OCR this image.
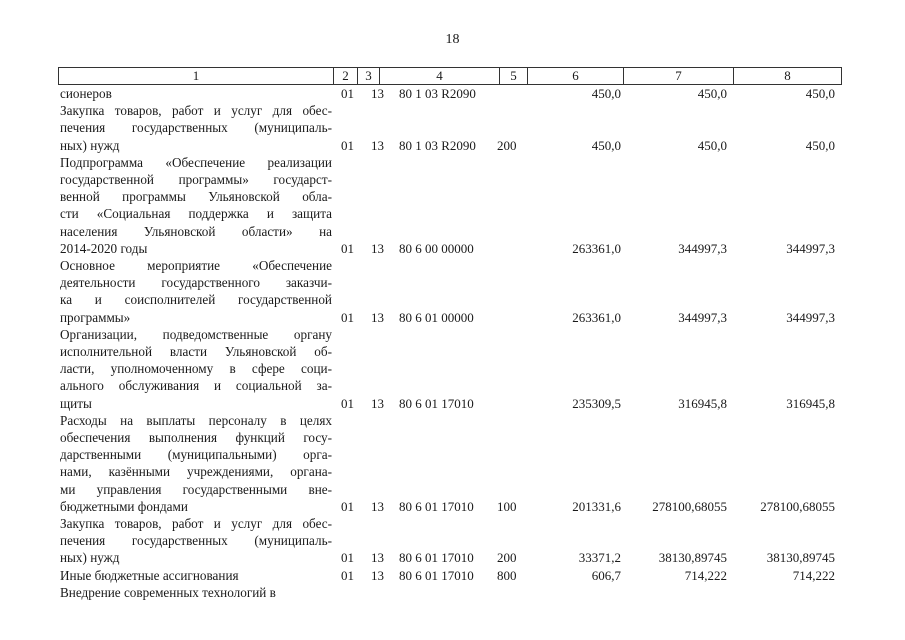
18
1	2	3	4	5	6	7	8
сионеров	01 13 80 1 03 R2090	450,0	450,0	450,0
Закупка товаров, работ и услуг для обес-
печения государственных (муниципаль-
ных) нужд	01 13 80 1 03 R2090 200	450,0	450,0	450,0
Подпрограмма «Обеспечение реализации
государственной программы» государст-
венной программы Ульяновской обла-
сти «Социальная поддержка и защита
населения Ульяновской области» на
2014-2020 годы	01 13 80 6 00 00000	263361,0	344997,3	344997,3
Основное мероприятие «Обеспечение
деятельности государственного заказчи-
ка и соисполнителей государственной
программы»	01 13 80 6 01 00000	263361,0	344997,3	344997,3
Организации, подведомственные органу
исполнительной власти Ульяновской об-
ласти, уполномоченному в сфере соци-
ального обслуживания и социальной за-
щиты	01 13 80 6 01 17010	235309,5	316945,8	316945,8
Расходы на выплаты персоналу в целях
обеспечения выполнения функций госу-
дарственными (муниципальными) орга-
нами, казёнными учреждениями, органа-
ми управления государственными вне-
бюджетными фондами	01 13 80 6 01 17010 100	201331,6 278100,68055	278100,68055
Закупка товаров, работ и услуг для обес-
печения государственных (муниципаль-
ных) нужд	01 13 80 6 01 17010 200	33371,2	38130,89745	38130,89745
Иные бюджетные ассигнования	01 13 80 6 01 17010 800	606,7	714,222	714,222
Внедрение современных технологий в
